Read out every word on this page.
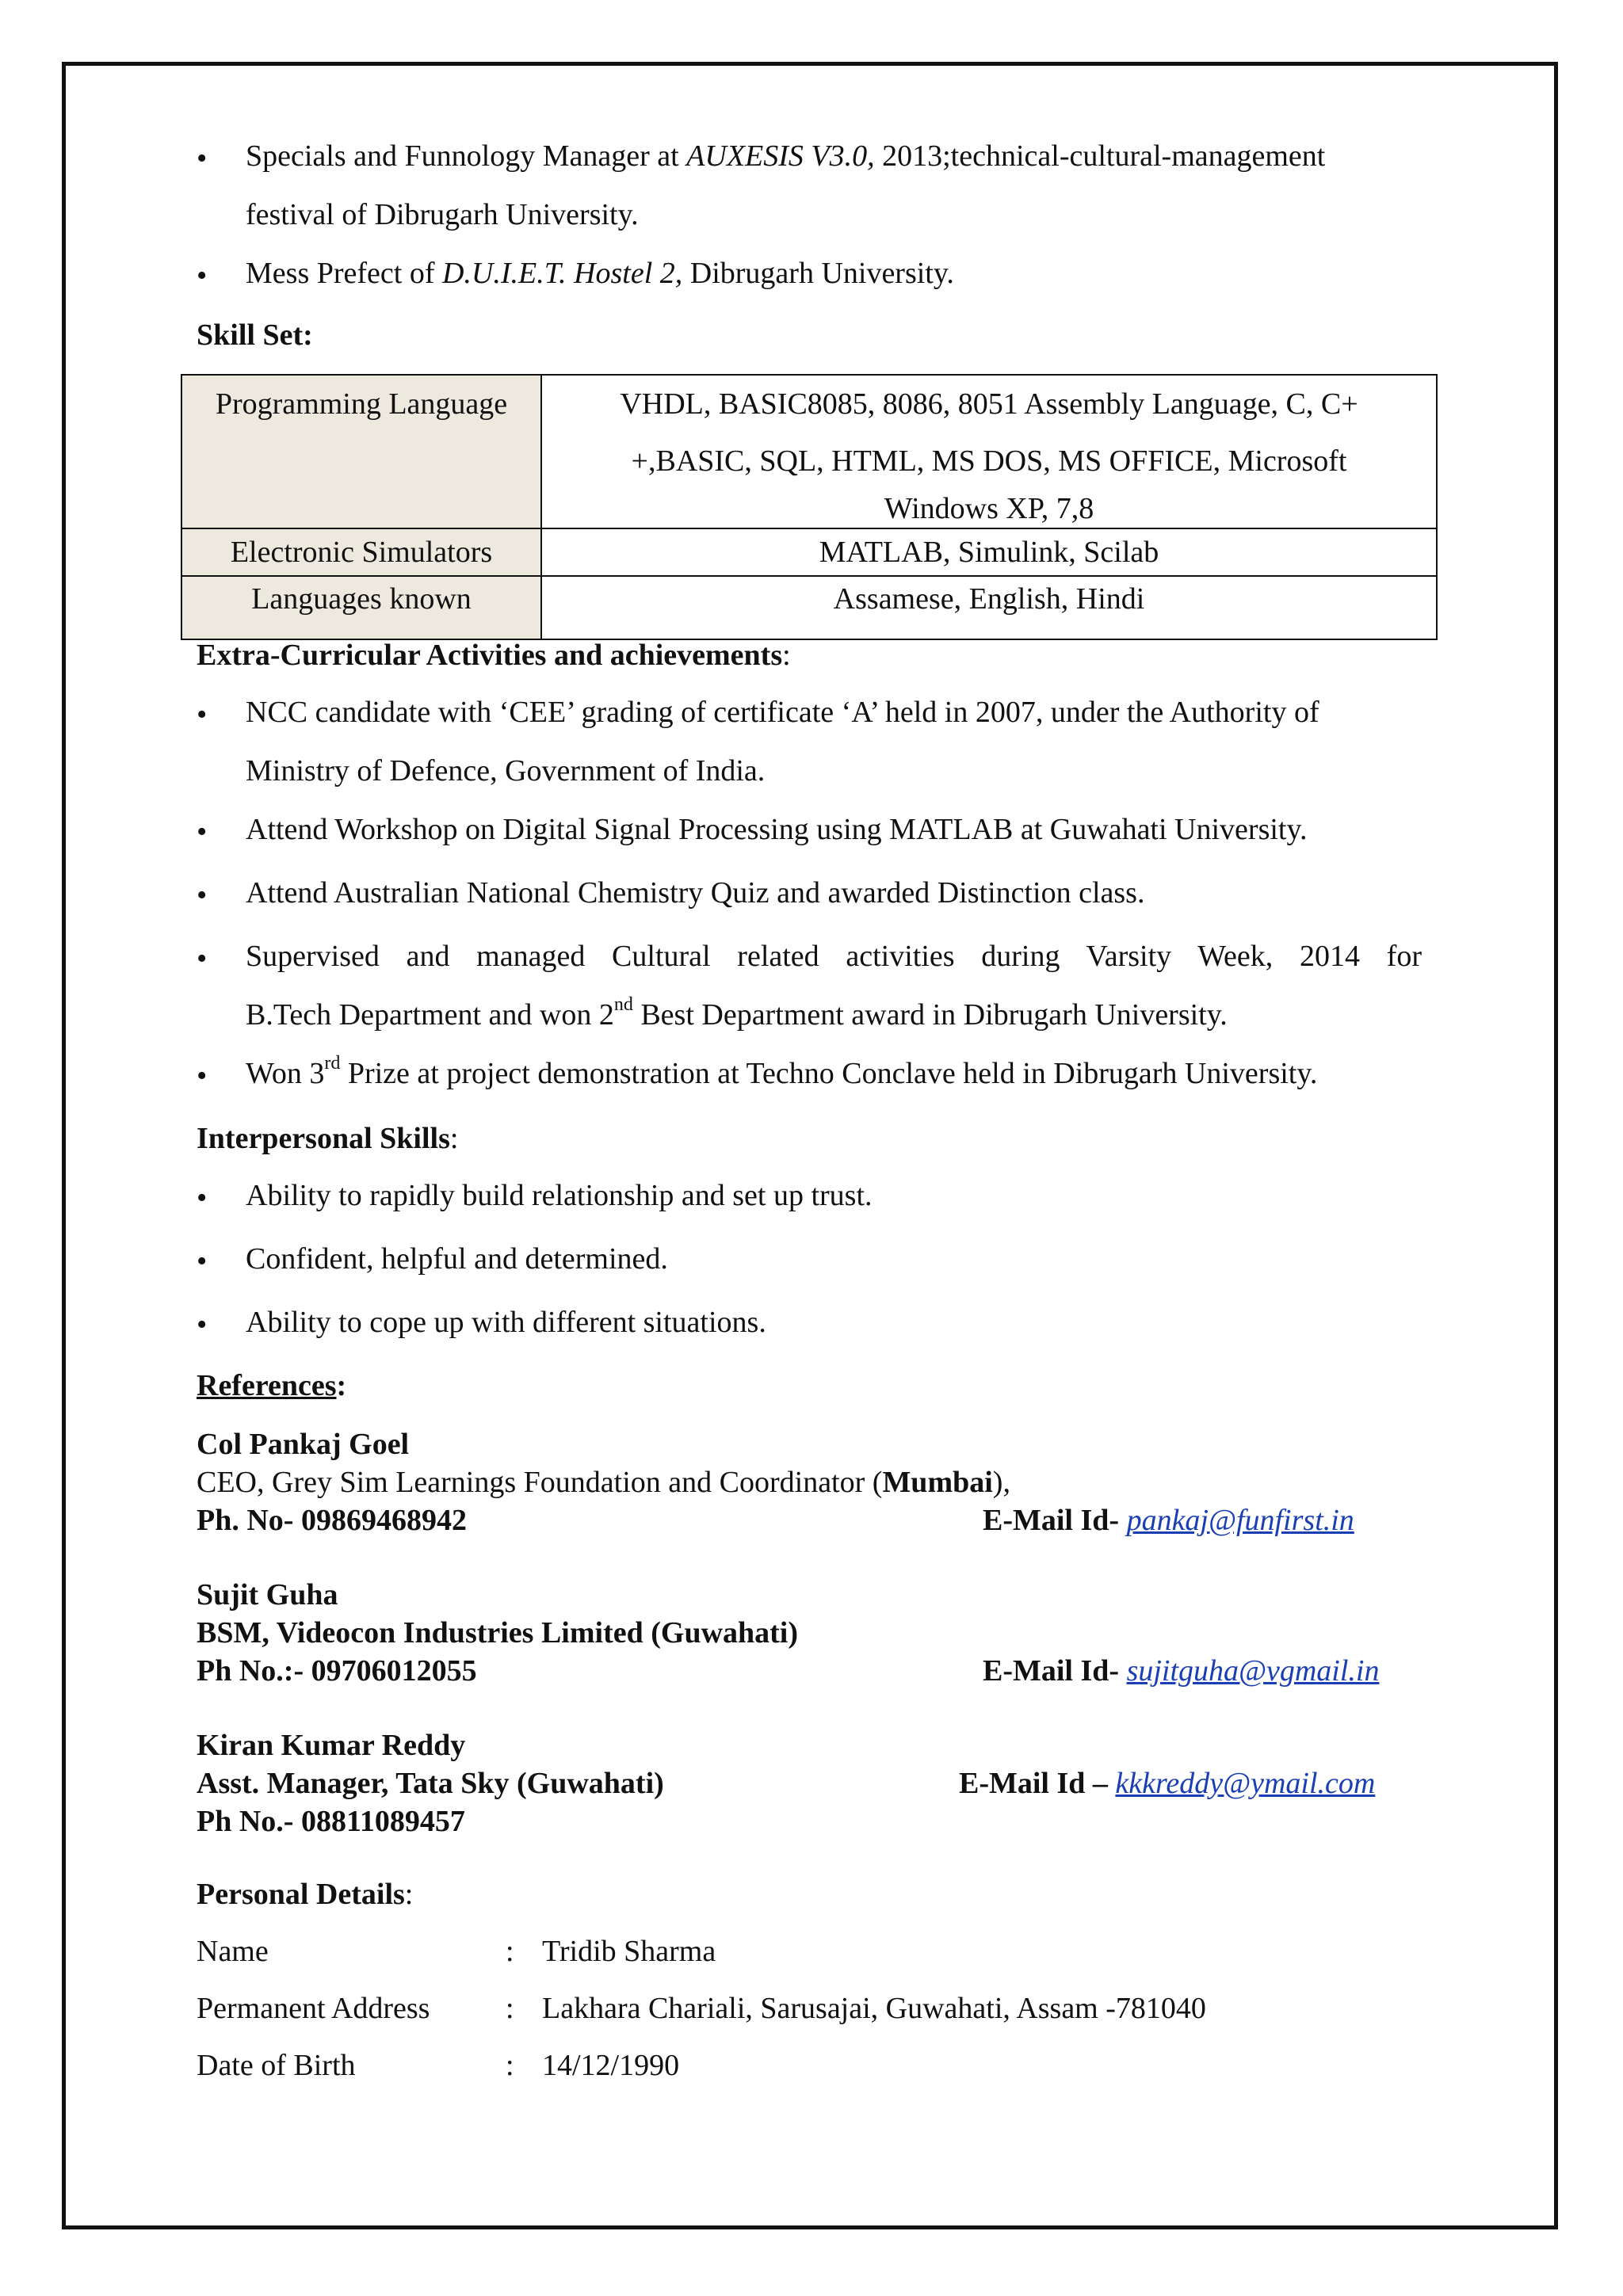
• Specials and Funnology Manager at AUXESIS V3.0, 2013;technical-cultural-management
festival of Dibrugarh University.
• Mess Prefect of D.U.I.E.T. Hostel 2, Dibrugarh University.
Skill Set:
Programming Language	VHDL, BASIC8085, 8086, 8051 Assembly Language, C, C+
+,BASIC, SQL, HTML, MS DOS, MS OFFICE, Microsoft
Windows XP, 7,8

Electronic Simulators	MATLAB, Simulink, Scilab
Languages known	Assamese, English, Hindi
Extra-Curricular Activities and achievements:
• NCC candidate with ‘CEE’ grading of certificate ‘A’ held in 2007, under the Authority of
Ministry of Defence, Government of India.
• Attend Workshop on Digital Signal Processing using MATLAB at Guwahati University.
• Attend Australian National Chemistry Quiz and awarded Distinction class.
• Supervised and managed Cultural related activities during Varsity Week, 2014 for
B.Tech Department and won 2nd Best Department award in Dibrugarh University.
• Won 3rd Prize at project demonstration at Techno Conclave held in Dibrugarh University.
Interpersonal Skills:
• Ability to rapidly build relationship and set up trust.
• Confident, helpful and determined.
• Ability to cope up with different situations.
References:
Col Pankaj Goel
CEO, Grey Sim Learnings Foundation and Coordinator (Mumbai),
Ph. No- 09869468942	E-Mail Id- pankaj@funfirst.in
Sujit Guha
BSM, Videocon Industries Limited (Guwahati)
Ph No.:- 09706012055	E-Mail Id- sujitguha@vgmail.in
Kiran Kumar Reddy
Asst. Manager, Tata Sky (Guwahati)	E-Mail Id – kkkreddy@ymail.com
Ph No.- 08811089457
Personal Details:
Name	: Tridib Sharma
Permanent Address	: Lakhara Chariali, Sarusajai, Guwahati, Assam -781040
Date of Birth	: 14/12/1990
